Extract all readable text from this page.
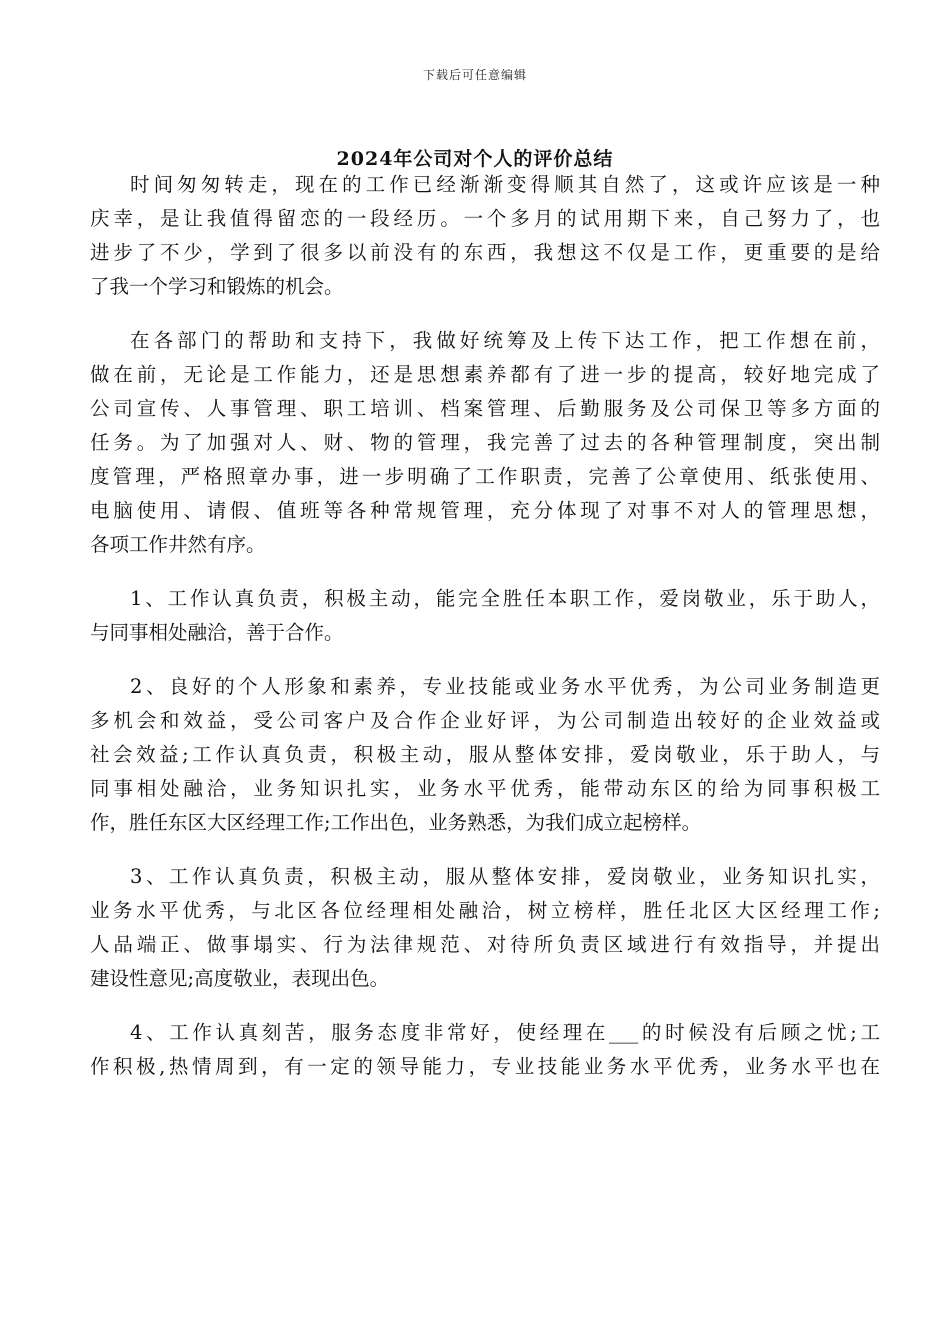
下载后可任意编辑
2024年公司对个人的评价总结
时间匆匆转走，现在的工作已经渐渐变得顺其自然了，这或许应该是一种
庆幸，是让我值得留恋的一段经历。一个多月的试用期下来，自己努力了，也
进步了不少，学到了很多以前没有的东西，我想这不仅是工作，更重要的是给
了我一个学习和锻炼的机会。
在各部门的帮助和支持下，我做好统筹及上传下达工作，把工作想在前，
做在前，无论是工作能力，还是思想素养都有了进一步的提高，较好地完成了
公司宣传、人事管理、职工培训、档案管理、后勤服务及公司保卫等多方面的
任务。为了加强对人、财、物的管理，我完善了过去的各种管理制度，突出制
度管理，严格照章办事，进一步明确了工作职责，完善了公章使用、纸张使用、
电脑使用、请假、值班等各种常规管理，充分体现了对事不对人的管理思想，
各项工作井然有序。
1、工作认真负责，积极主动，能完全胜任本职工作，爱岗敬业，乐于助人，
与同事相处融洽，善于合作。
2、良好的个人形象和素养，专业技能或业务水平优秀，为公司业务制造更
多机会和效益，受公司客户及合作企业好评，为公司制造出较好的企业效益或
社会效益;工作认真负责，积极主动，服从整体安排，爱岗敬业，乐于助人，与
同事相处融洽，业务知识扎实，业务水平优秀，能带动东区的给为同事积极工
作，胜任东区大区经理工作;工作出色，业务熟悉，为我们成立起榜样。
3、工作认真负责，积极主动，服从整体安排，爱岗敬业，业务知识扎实，
业务水平优秀，与北区各位经理相处融洽，树立榜样，胜任北区大区经理工作;
人品端正、做事塌实、行为法律规范、对待所负责区域进行有效指导，并提出
建设性意见;高度敬业，表现出色。
4、工作认真刻苦，服务态度非常好，使经理在___的时候没有后顾之忧;工
作积极,热情周到，有一定的领导能力，专业技能业务水平优秀，业务水平也在
